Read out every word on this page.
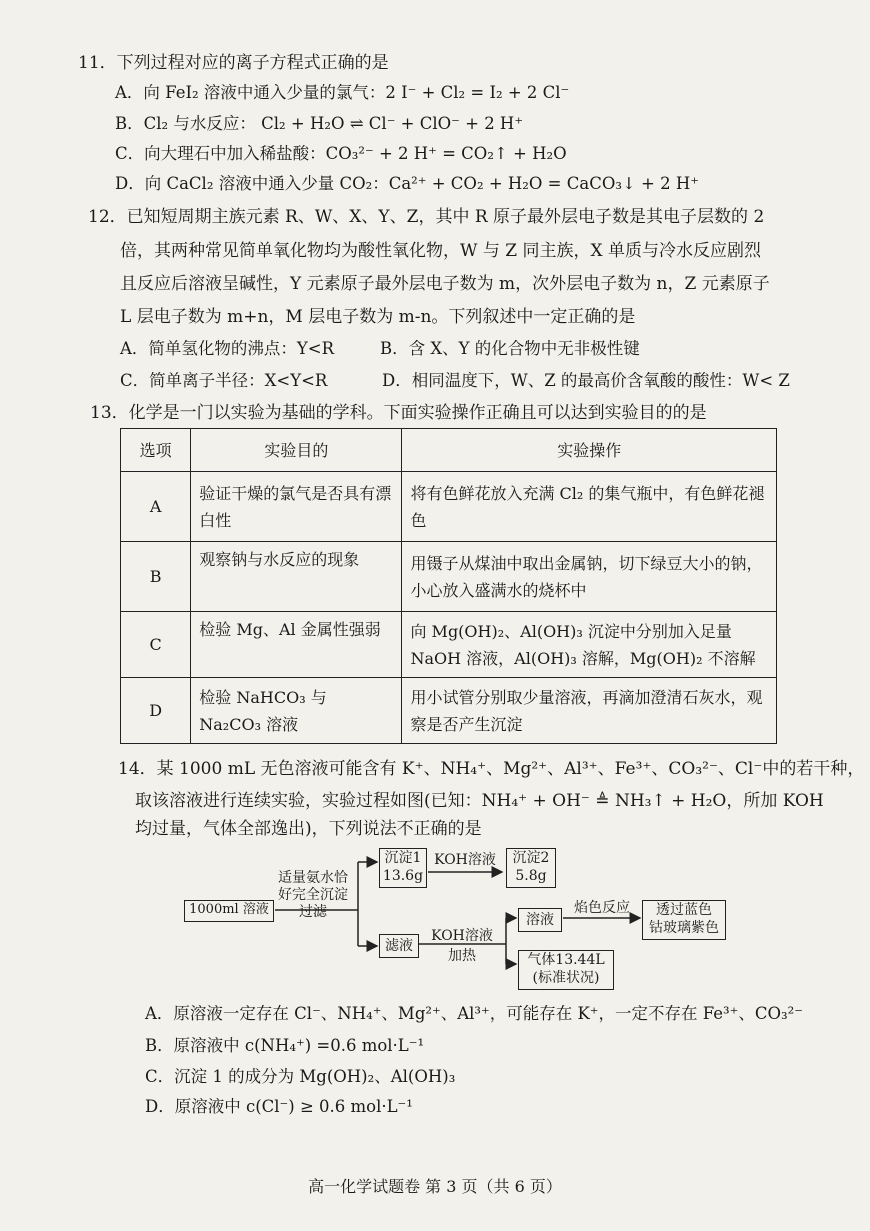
11．下列过程对应的离子方程式正确的是
A．向 FeI₂ 溶液中通入少量的氯气：2 I⁻ + Cl₂ = I₂ + 2 Cl⁻
B．Cl₂ 与水反应： Cl₂ + H₂O ⇌ Cl⁻ + ClO⁻ + 2 H⁺
C．向大理石中加入稀盐酸：CO₃²⁻ + 2 H⁺ = CO₂↑ + H₂O
D．向 CaCl₂ 溶液中通入少量 CO₂：Ca²⁺ + CO₂ + H₂O = CaCO₃↓ + 2 H⁺
12．已知短周期主族元素 R、W、X、Y、Z，其中 R 原子最外层电子数是其电子层数的 2
倍，其两种常见简单氧化物均为酸性氧化物，W 与 Z 同主族，X 单质与冷水反应剧烈
且反应后溶液呈碱性，Y 元素原子最外层电子数为 m，次外层电子数为 n，Z 元素原子
L 层电子数为 m+n，M 层电子数为 m-n。下列叙述中一定正确的是
A．简单氢化物的沸点：Y<R	B．含 X、Y 的化合物中无非极性键
C．简单离子半径：X<Y<R	D．相同温度下，W、Z 的最高价含氧酸的酸性：W< Z
13．化学是一门以实验为基础的学科。下面实验操作正确且可以达到实验目的的是
选项	实验目的	实验操作
A	验证干燥的氯气是否具有漂白性	将有色鲜花放入充满 Cl₂ 的集气瓶中，有色鲜花褪色
B	观察钠与水反应的现象	用镊子从煤油中取出金属钠，切下绿豆大小的钠，小心放入盛满水的烧杯中
C	检验 Mg、Al 金属性强弱	向 Mg(OH)₂、Al(OH)₃ 沉淀中分别加入足量 NaOH 溶液，Al(OH)₃ 溶解，Mg(OH)₂ 不溶解
D	检验 NaHCO₃ 与 Na₂CO₃ 溶液	用小试管分别取少量溶液，再滴加澄清石灰水，观察是否产生沉淀
14．某 1000 mL 无色溶液可能含有 K⁺、NH₄⁺、Mg²⁺、Al³⁺、Fe³⁺、CO₃²⁻、Cl⁻中的若干种，
取该溶液进行连续实验，实验过程如图(已知：NH₄⁺ + OH⁻ ≜ NH₃↑ + H₂O，所加 KOH
均过量，气体全部逸出)，下列说法不正确的是
1000ml 溶液
适量氨水恰
好完全沉淀
过滤
沉淀1
13.6g
KOH溶液	沉淀2
5.8g
滤液
KOH溶液
加热
溶液
焰色反应	透过蓝色
钴玻璃紫色
气体13.44L
(标准状况)
A．原溶液一定存在 Cl⁻、NH₄⁺、Mg²⁺、Al³⁺，可能存在 K⁺，一定不存在 Fe³⁺、CO₃²⁻
B．原溶液中 c(NH₄⁺) =0.6 mol·L⁻¹
C．沉淀 1 的成分为 Mg(OH)₂、Al(OH)₃
D．原溶液中 c(Cl⁻) ≥ 0.6 mol·L⁻¹
高一化学试题卷 第 3 页（共 6 页）
